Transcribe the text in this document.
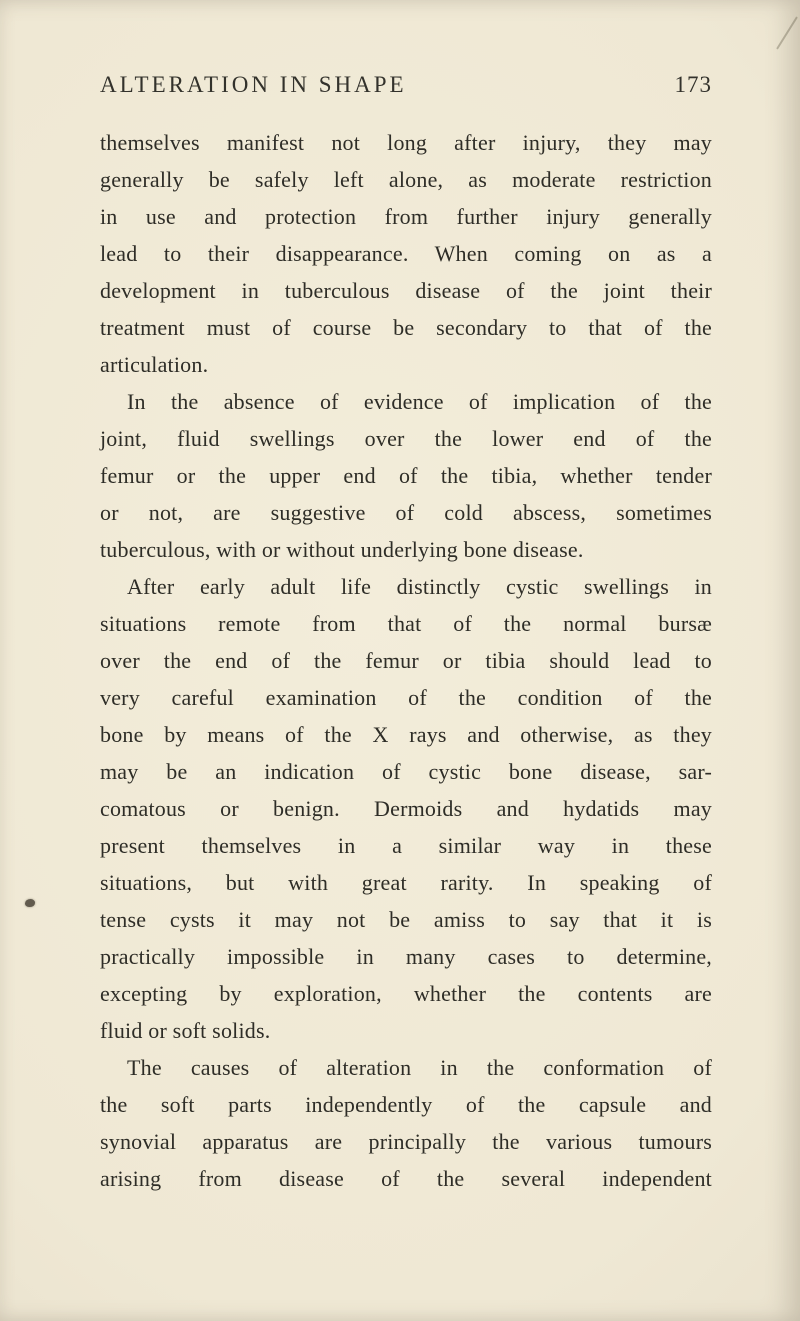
ALTERATION IN SHAPE	173
themselves manifest not long after injury, they may
generally be safely left alone, as moderate restriction
in use and protection from further injury generally
lead to their disappearance. When coming on as a
development in tuberculous disease of the joint their
treatment must of course be secondary to that of the
articulation.
In the absence of evidence of implication of the
joint, fluid swellings over the lower end of the
femur or the upper end of the tibia, whether tender
or not, are suggestive of cold abscess, sometimes
tuberculous, with or without underlying bone disease.
After early adult life distinctly cystic swellings in
situations remote from that of the normal bursæ
over the end of the femur or tibia should lead to
very careful examination of the condition of the
bone by means of the X rays and otherwise, as they
may be an indication of cystic bone disease, sar-
comatous or benign. Dermoids and hydatids may
present themselves in a similar way in these
situations, but with great rarity. In speaking of
tense cysts it may not be amiss to say that it is
practically impossible in many cases to determine,
excepting by exploration, whether the contents are
fluid or soft solids.
The causes of alteration in the conformation of
the soft parts independently of the capsule and
synovial apparatus are principally the various tumours
arising from disease of the several independent
